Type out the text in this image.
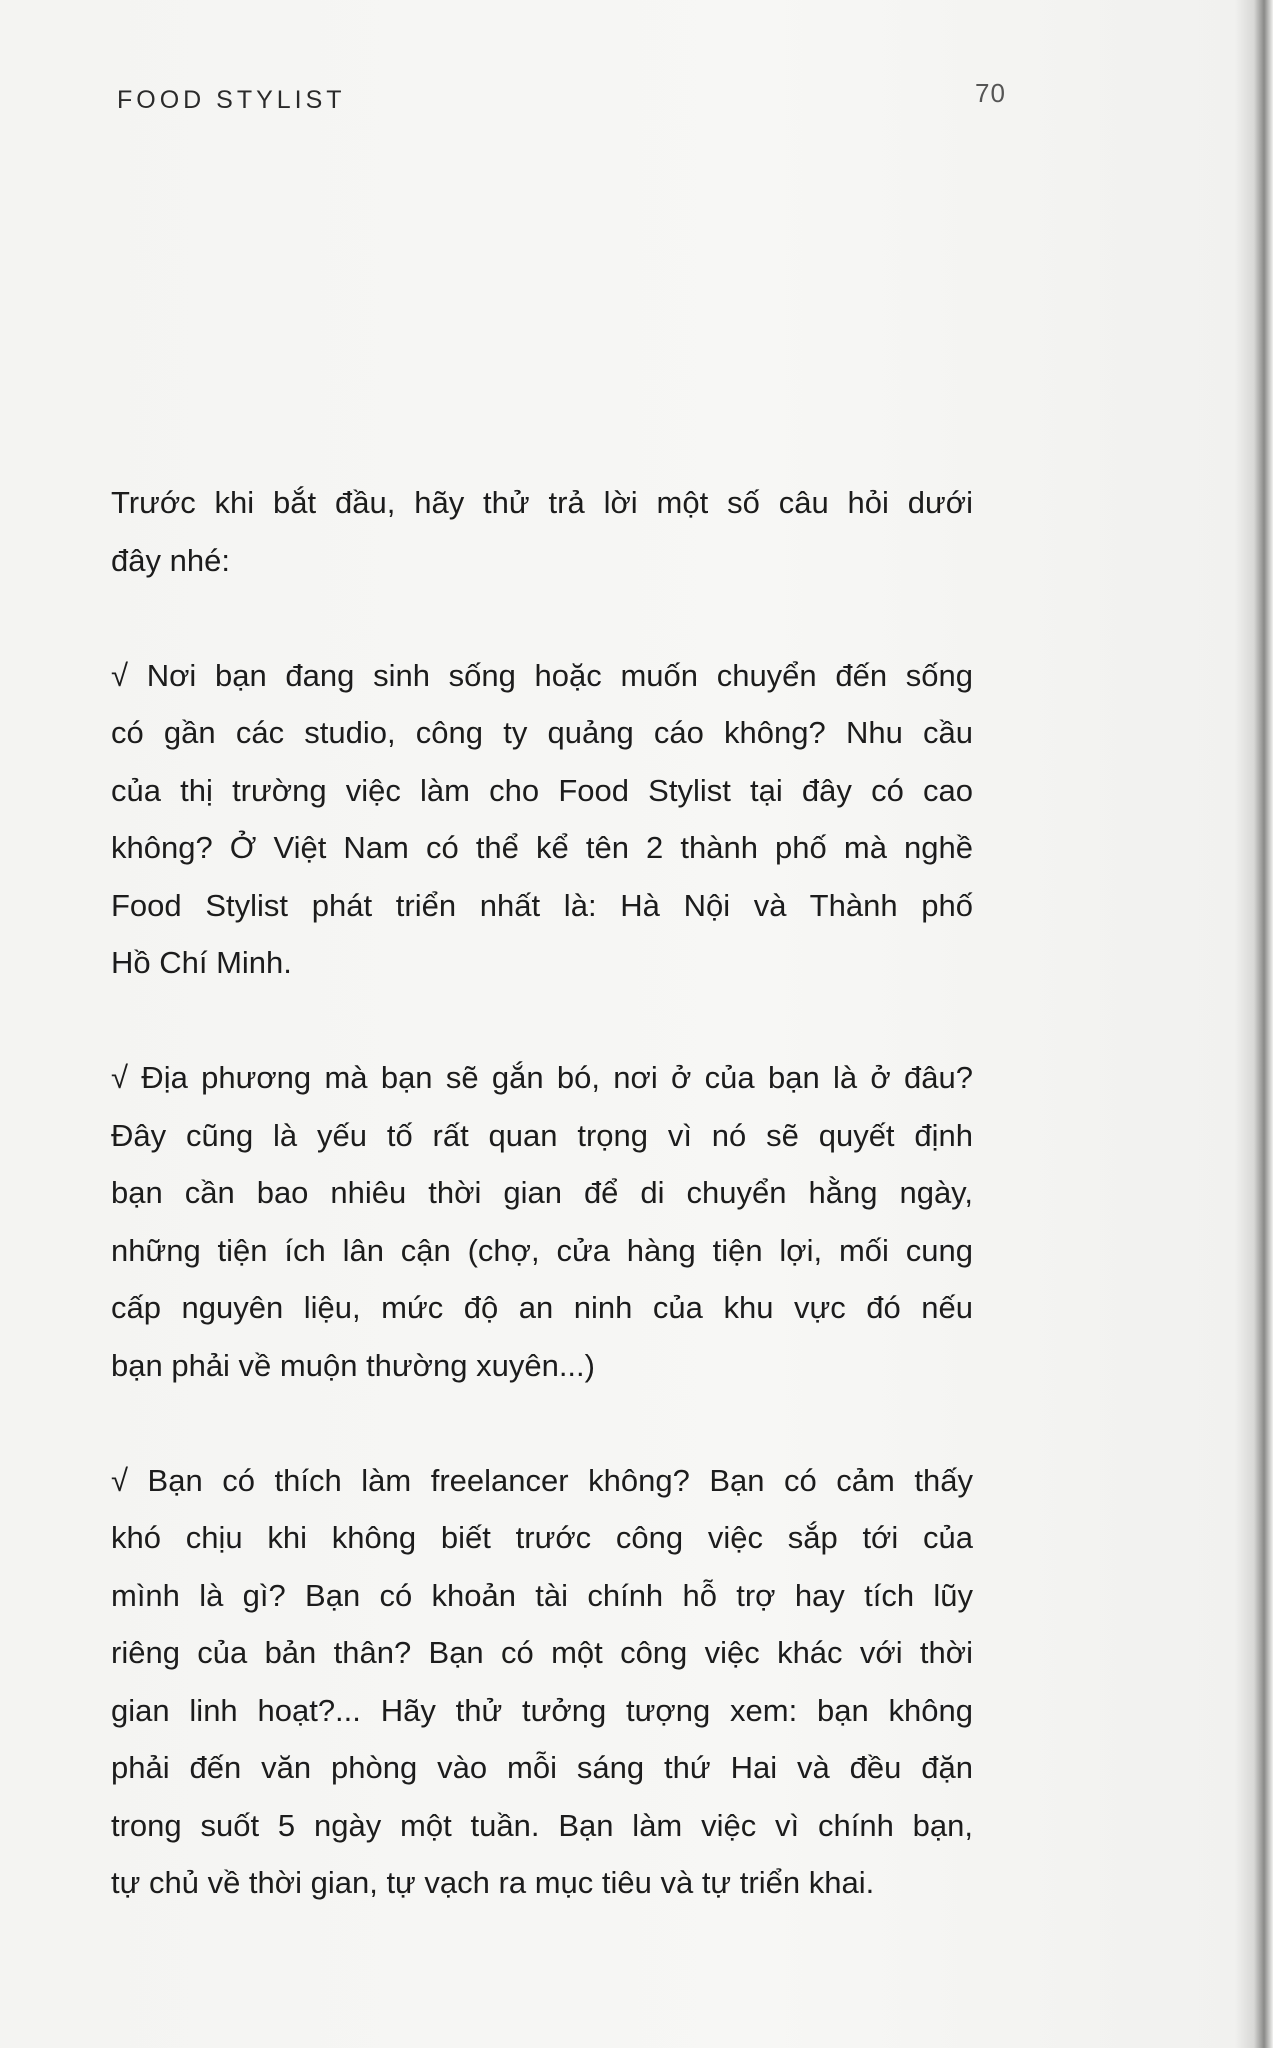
FOOD STYLIST	70
Trước khi bắt đầu, hãy thử trả lời một số câu hỏi dưới
đây nhé:
√ Nơi bạn đang sinh sống hoặc muốn chuyển đến sống
có gần các studio, công ty quảng cáo không? Nhu cầu
của thị trường việc làm cho Food Stylist tại đây có cao
không? Ở Việt Nam có thể kể tên 2 thành phố mà nghề
Food Stylist phát triển nhất là: Hà Nội và Thành phố
Hồ Chí Minh.
√ Địa phương mà bạn sẽ gắn bó, nơi ở của bạn là ở đâu?
Đây cũng là yếu tố rất quan trọng vì nó sẽ quyết định
bạn cần bao nhiêu thời gian để di chuyển hằng ngày,
những tiện ích lân cận (chợ, cửa hàng tiện lợi, mối cung
cấp nguyên liệu, mức độ an ninh của khu vực đó nếu
bạn phải về muộn thường xuyên...)
√ Bạn có thích làm freelancer không? Bạn có cảm thấy
khó chịu khi không biết trước công việc sắp tới của
mình là gì? Bạn có khoản tài chính hỗ trợ hay tích lũy
riêng của bản thân? Bạn có một công việc khác với thời
gian linh hoạt?... Hãy thử tưởng tượng xem: bạn không
phải đến văn phòng vào mỗi sáng thứ Hai và đều đặn
trong suốt 5 ngày một tuần. Bạn làm việc vì chính bạn,
tự chủ về thời gian, tự vạch ra mục tiêu và tự triển khai.
